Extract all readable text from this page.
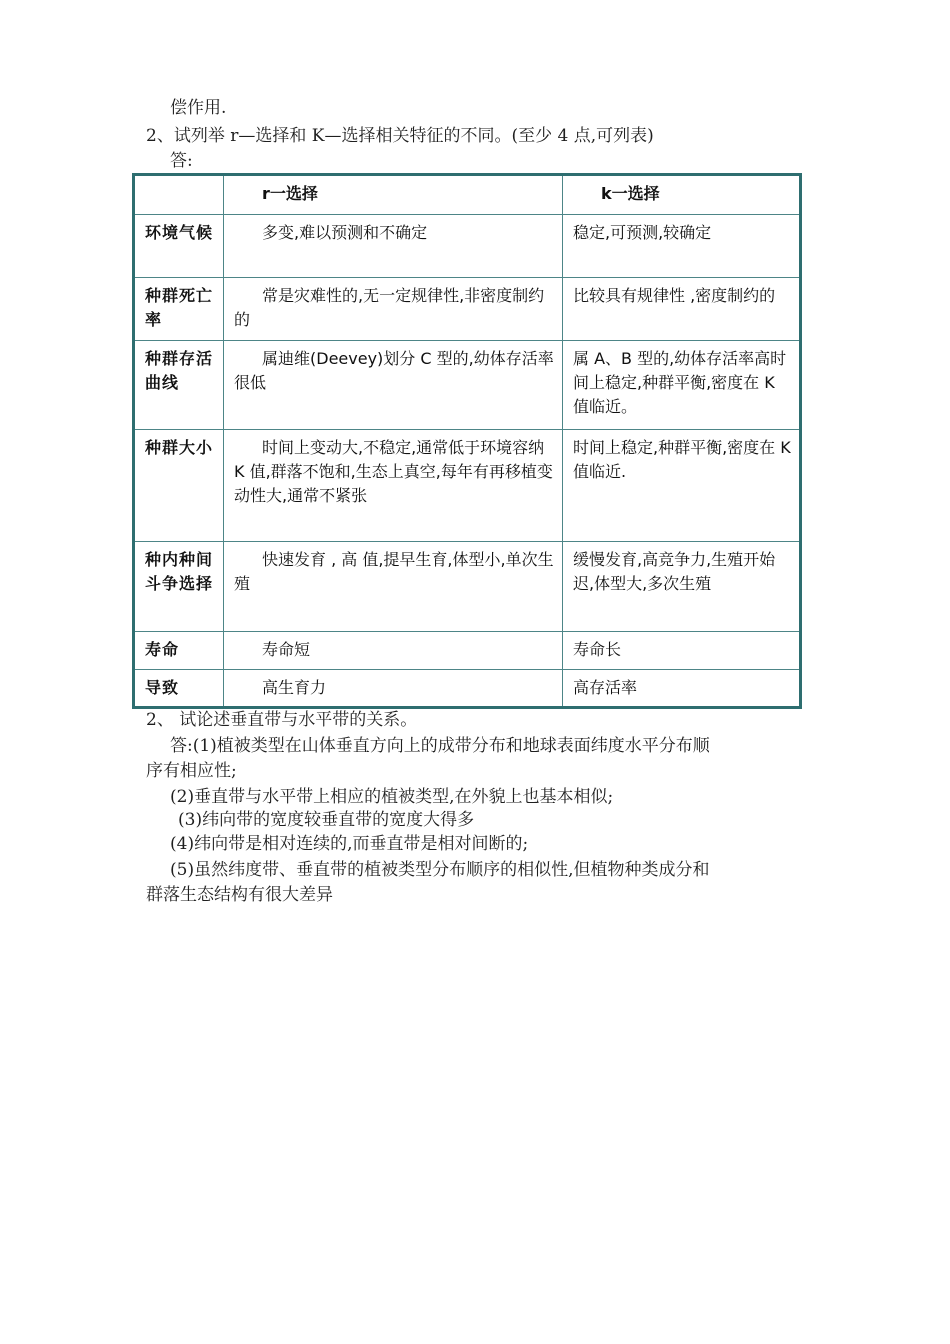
偿作用.
2、试列举 r—选择和 K—选择相关特征的不同。(至少 4 点,可列表)
答:
	r一选择	k一选择
环境气候	多变,难以预测和不确定	稳定,可预测,较确定
种群死亡率	常是灾难性的,无一定规律性,非密度制约的	比较具有规律性 ,密度制约的
种群存活曲线	属迪维(Deevey)划分 C 型的,幼体存活率很低	属 A、B 型的,幼体存活率高时间上稳定,种群平衡,密度在 K 值临近。
种群大小	时间上变动大,不稳定,通常低于环境容纳 K 值,群落不饱和,生态上真空,每年有再移植变动性大,通常不紧张	时间上稳定,种群平衡,密度在 K 值临近.
种内种间斗争选择	快速发育 , 高 值,提早生育,体型小,单次生殖	缓慢发育,高竞争力,生殖开始迟,体型大,多次生殖
寿命	寿命短	寿命长
导致	高生育力	高存活率
2、 试论述垂直带与水平带的关系。
答:(1)植被类型在山体垂直方向上的成带分布和地球表面纬度水平分布顺
序有相应性;
(2)垂直带与水平带上相应的植被类型,在外貌上也基本相似;
(3)纬向带的宽度较垂直带的宽度大得多
(4)纬向带是相对连续的,而垂直带是相对间断的;
(5)虽然纬度带、垂直带的植被类型分布顺序的相似性,但植物种类成分和
群落生态结构有很大差异
